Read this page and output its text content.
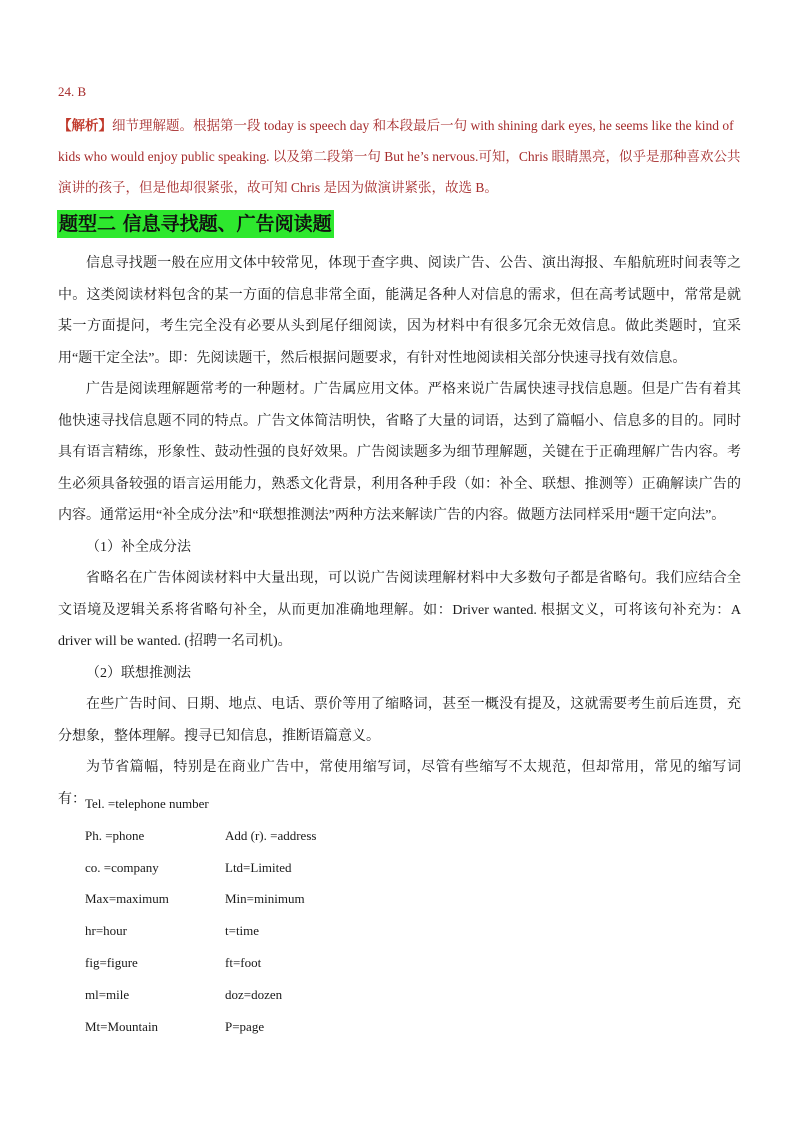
24. B
【解析】细节理解题。根据第一段 today is speech day 和本段最后一句 with shining dark eyes, he seems like the kind of kids who would enjoy public speaking. 以及第二段第一句 But he’s nervous.可知，Chris 眼睛黑亮，似乎是那种喜欢公共演讲的孩子，但是他却很紧张，故可知 Chris 是因为做演讲紧张，故选 B。
题型二 信息寻找题、广告阅读题

信息寻找题一般在应用文体中较常见，体现于查字典、阅读广告、公告、演出海报、车船航班时间表等之中。这类阅读材料包含的某一方面的信息非常全面，能满足各种人对信息的需求，但在高考试题中，常常是就某一方面提问，考生完全没有必要从头到尾仔细阅读，因为材料中有很多冗余无效信息。做此类题时，宜采用“题干定全法”。即：先阅读题干，然后根据问题要求，有针对性地阅读相关部分快速寻找有效信息。

广告是阅读理解题常考的一种题材。广告属应用文体。严格来说广告属快速寻找信息题。但是广告有着其他快速寻找信息题不同的特点。广告文体简洁明快，省略了大量的词语，达到了篇幅小、信息多的目的。同时具有语言精练，形象性、鼓动性强的良好效果。广告阅读题多为细节理解题，关键在于正确理解广告内容。考生必须具备较强的语言运用能力，熟悉文化背景，利用各种手段（如：补全、联想、推测等）正确解读广告的内容。通常运用“补全成分法”和“联想推测法”两种方法来解读广告的内容。做题方法同样采用“题干定向法”。

（1）补全成分法

省略名在广告体阅读材料中大量出现，可以说广告阅读理解材料中大多数句子都是省略句。我们应结合全文语境及逻辑关系将省略句补全，从而更加准确地理解。如：Driver wanted. 根据文义，可将该句补充为：A driver will be wanted. (招聘一名司机)。

（2）联想推测法

在些广告时间、日期、地点、电话、票价等用了缩略词，甚至一概没有提及，这就需要考生前后连贯，充分想象，整体理解。搜寻已知信息，推断语篇意义。

为节省篇幅，特别是在商业广告中，常使用缩写词，尽管有些缩写不太规范，但却常用，常见的缩写词有： Tel. =telephone number
Ph. =phone	Add (r). =address
co. =company	Ltd=Limited
Max=maximum	Min=minimum
hr=hour	t=time
fig=figure	ft=foot
ml=mile	doz=dozen
Mt=Mountain	P=page
